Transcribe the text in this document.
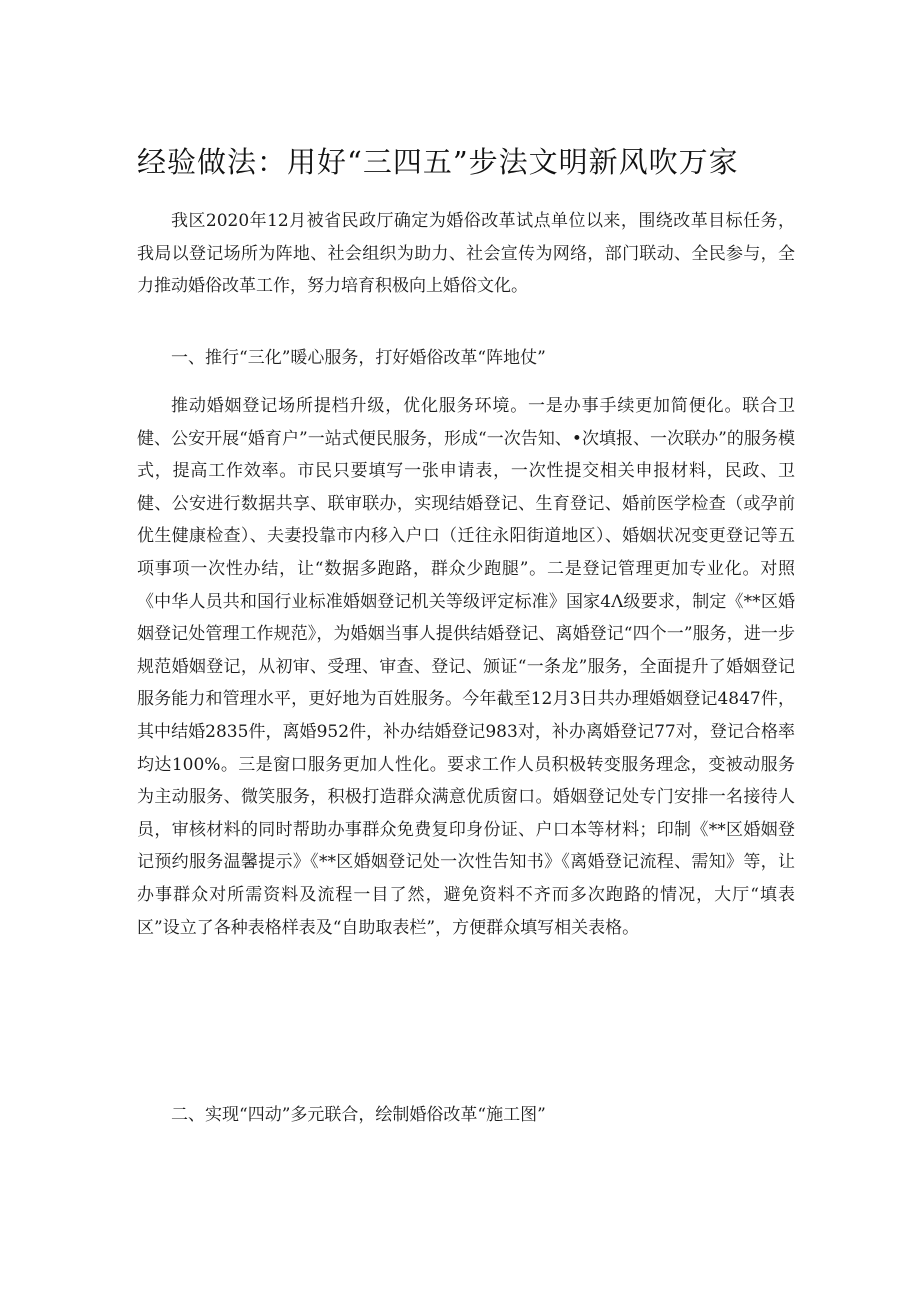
经验做法：用好“三四五”步法文明新风吹万家

我区2020年12月被省民政厅确定为婚俗改革试点单位以来，围绕改革目标任务，我局以登记场所为阵地、社会组织为助力、社会宣传为网络，部门联动、全民参与，全力推动婚俗改革工作，努力培育积极向上婚俗文化。

一、推行“三化”暖心服务，打好婚俗改革“阵地仗”

推动婚姻登记场所提档升级，优化服务环境。一是办事手续更加简便化。联合卫健、公安开展“婚育户”一站式便民服务，形成“一次告知、•次填报、一次联办”的服务模式，提高工作效率。市民只要填写一张申请表，一次性提交相关申报材料，民政、卫健、公安进行数据共享、联审联办，实现结婚登记、生育登记、婚前医学检查（或孕前优生健康检查）、夫妻投靠市内移入户口（迁往永阳街道地区）、婚姻状况变更登记等五项事项一次性办结，让“数据多跑路，群众少跑腿”。二是登记管理更加专业化。对照《中华人员共和国行业标准婚姻登记机关等级评定标准》国家4Λ级要求，制定《**区婚姻登记处管理工作规范》，为婚姻当事人提供结婚登记、离婚登记“四个一”服务，进一步规范婚姻登记，从初审、受理、审查、登记、颁证“一条龙”服务，全面提升了婚姻登记服务能力和管理水平，更好地为百姓服务。今年截至12月3日共办理婚姻登记4847件，其中结婚2835件，离婚952件，补办结婚登记983对，补办离婚登记77对，登记合格率均达100%。三是窗口服务更加人性化。要求工作人员积极转变服务理念，变被动服务为主动服务、微笑服务，积极打造群众满意优质窗口。婚姻登记处专门安排一名接待人员，审核材料的同时帮助办事群众免费复印身份证、户口本等材料；印制《**区婚姻登记预约服务温馨提示》《**区婚姻登记处一次性告知书》《离婚登记流程、需知》等，让办事群众对所需资料及流程一目了然，避免资料不齐而多次跑路的情况，大厅“填表区”设立了各种表格样表及“自助取表栏”，方便群众填写相关表格。

二、实现“四动”多元联合，绘制婚俗改革“施工图”
